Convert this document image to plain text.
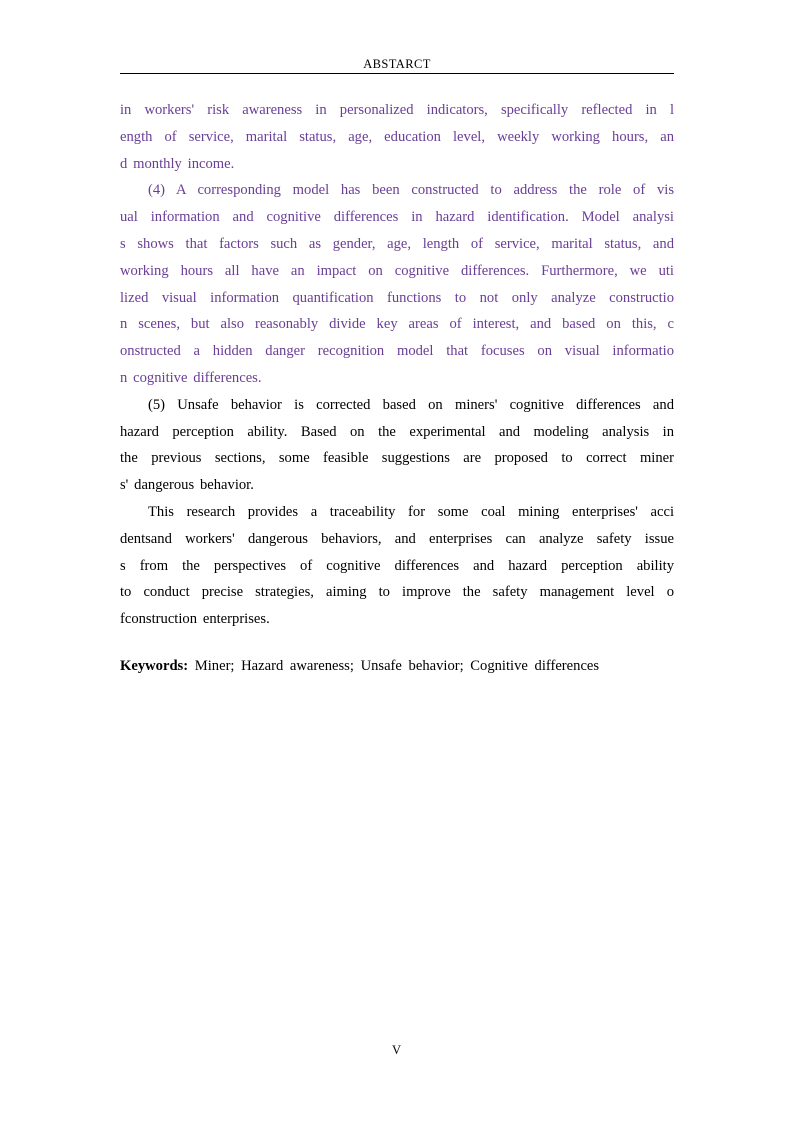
ABSTARCT
in workers' risk awareness in personalized indicators, specifically reflected in l
ength of service, marital status, age, education level, weekly working hours, an
d monthly income.
(4) A corresponding model has been constructed to address the role of vis
ual information and cognitive differences in hazard identification. Model analysi
s shows that factors such as gender, age, length of service, marital status, and
working hours all have an impact on cognitive differences. Furthermore, we uti
lized visual information quantification functions to not only analyze constructio
n scenes, but also reasonably divide key areas of interest, and based on this, c
onstructed a hidden danger recognition model that focuses on visual informatio
n cognitive differences.
(5) Unsafe behavior is corrected based on miners' cognitive differences and
hazard perception ability. Based on the experimental and modeling analysis in
the previous sections, some feasible suggestions are proposed to correct miner
s' dangerous behavior.
This research provides a traceability for some coal mining enterprises' acci
dentsand workers' dangerous behaviors, and enterprises can analyze safety issue
s from the perspectives of cognitive differences and hazard perception ability
to conduct precise strategies, aiming to improve the safety management level o
fconstruction enterprises.
Keywords: Miner; Hazard awareness; Unsafe behavior; Cognitive differences
V
